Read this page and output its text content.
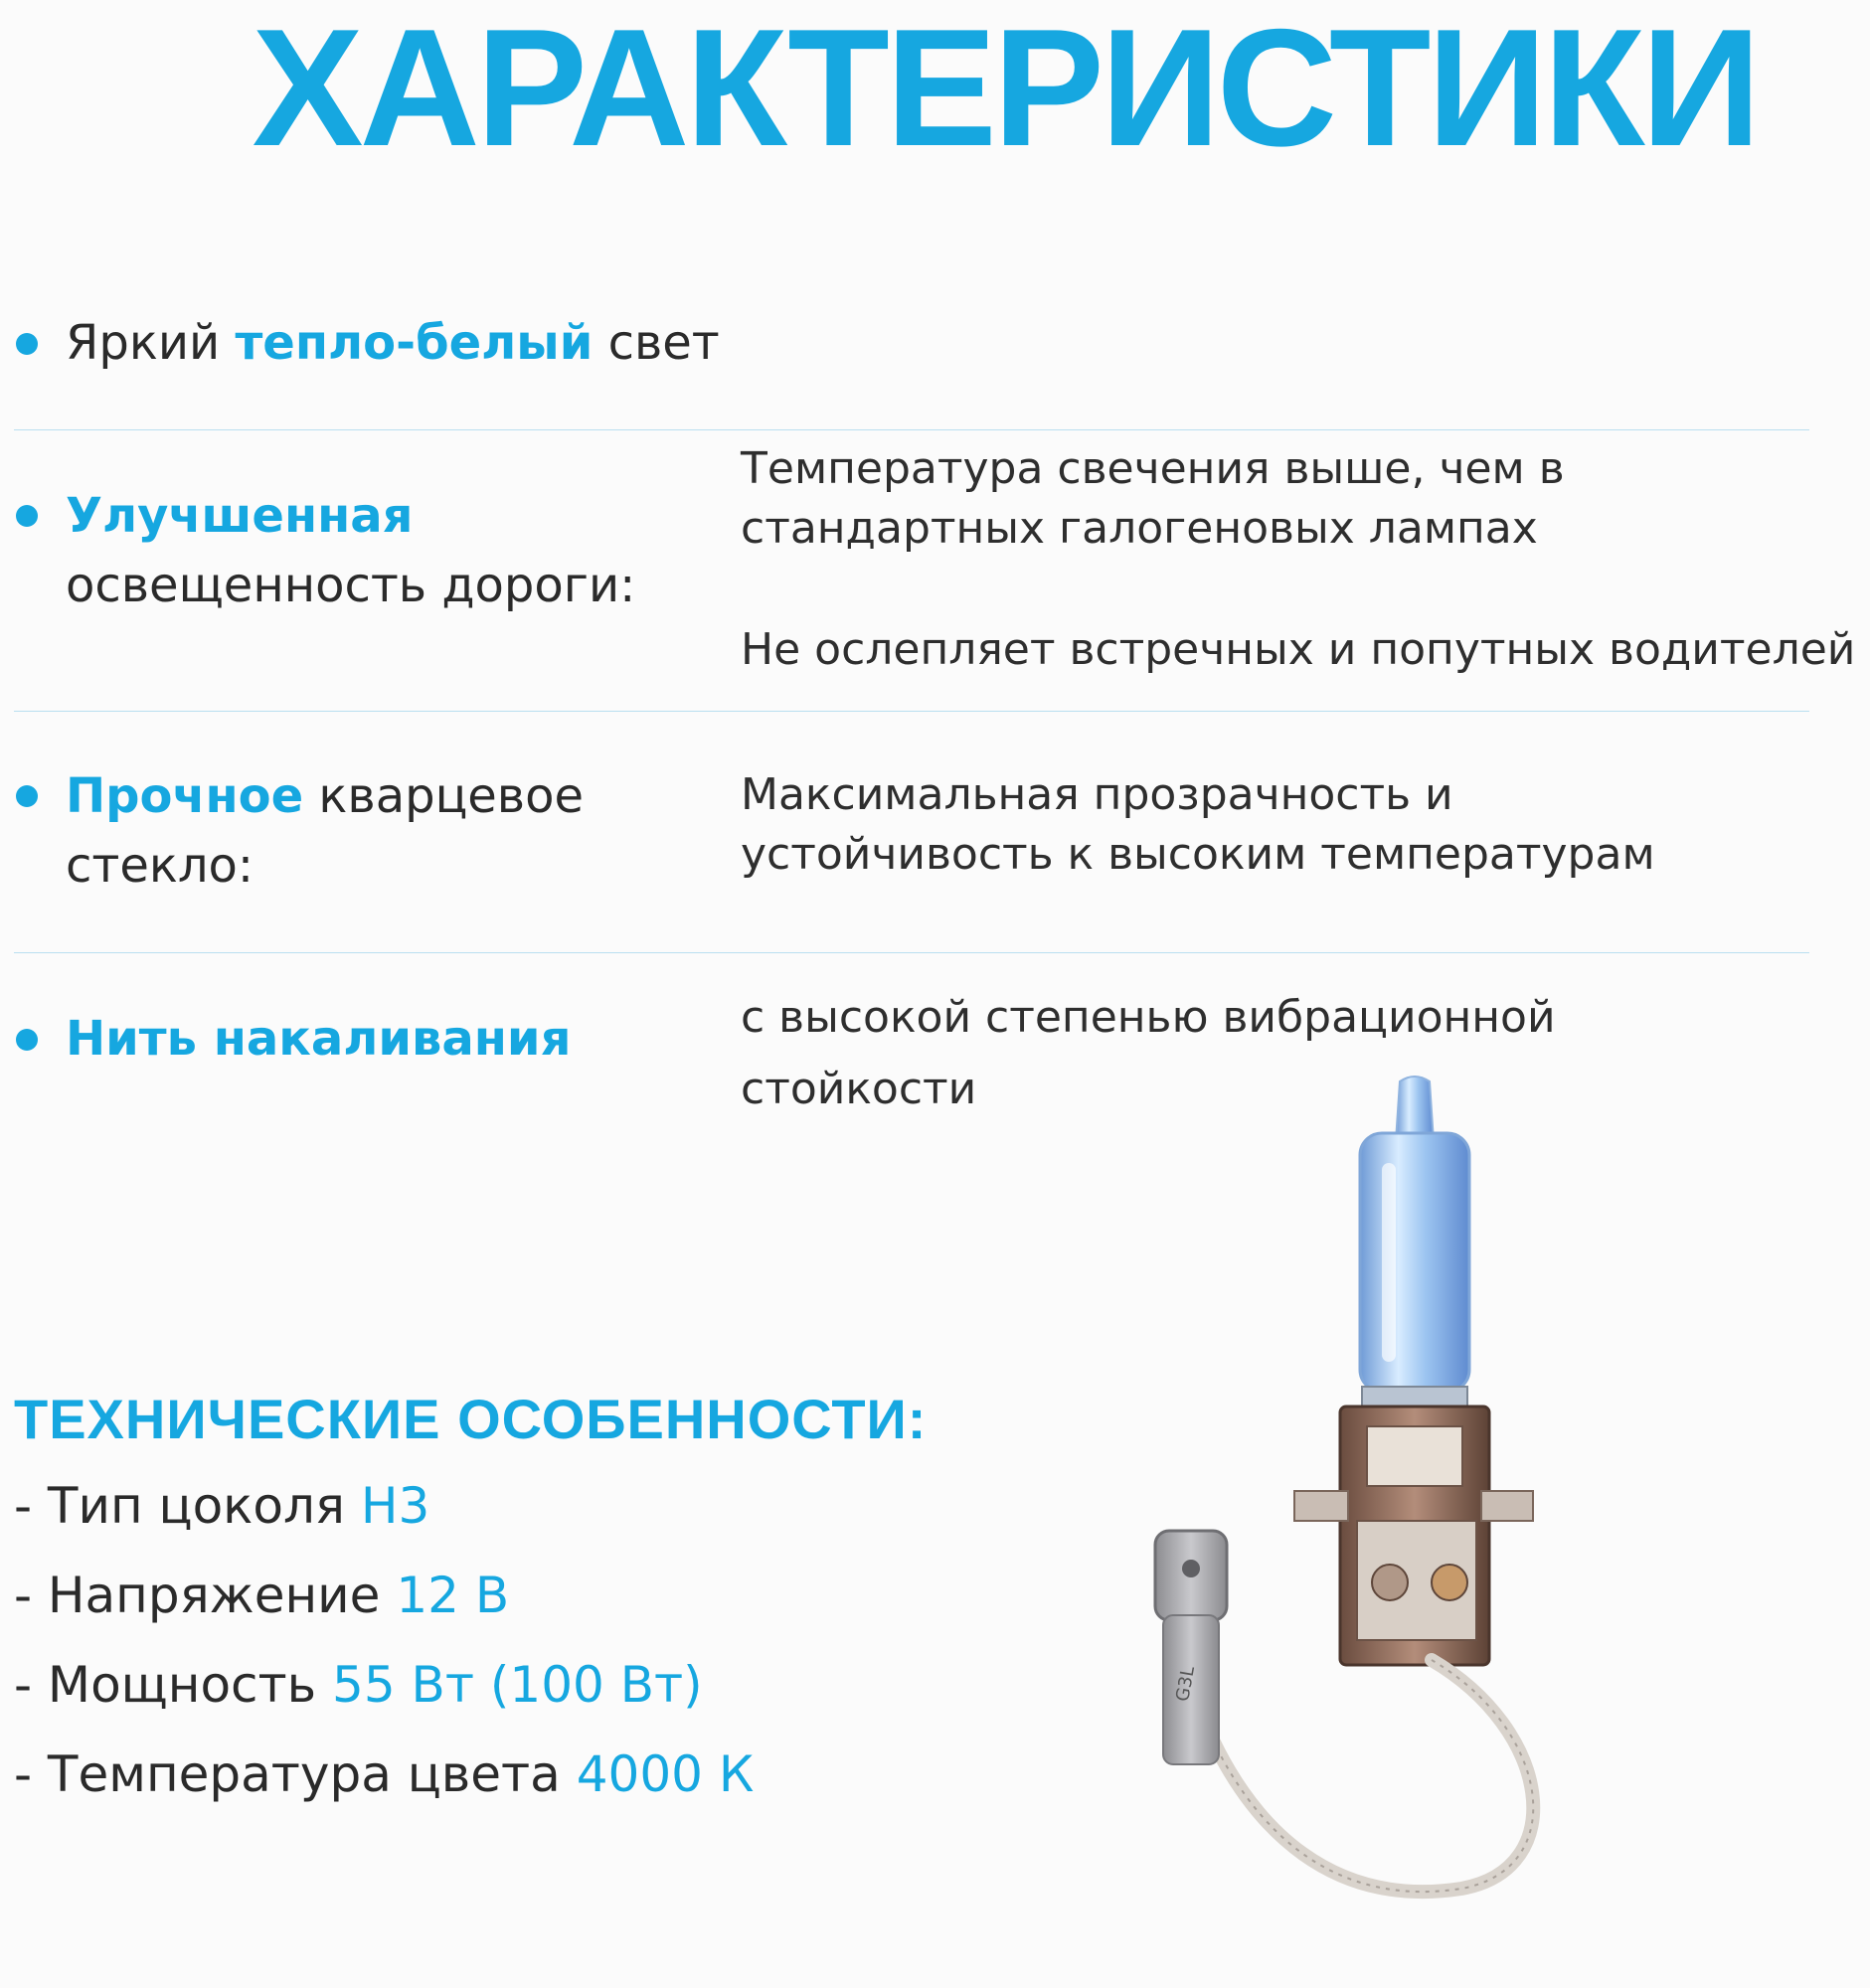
ХАРАКТЕРИСТИКИ
Яркий тепло-белый свет
Улучшенная
освещенность дороги:
Температура свечения выше, чем в
стандартных галогеновых лампах
Не ослепляет встречных и попутных водителей
Прочное кварцевое
стекло:
Максимальная прозрачность и
устойчивость к высоким температурам
Нить накаливания	с высокой степенью вибрационной
стойкости
ТЕХНИЧЕСКИЕ ОСОБЕННОСТИ:
- Тип цоколя H3
- Напряжение 12 В
- Мощность 55 Вт (100 Вт)
- Температура цвета 4000 К
G3L
